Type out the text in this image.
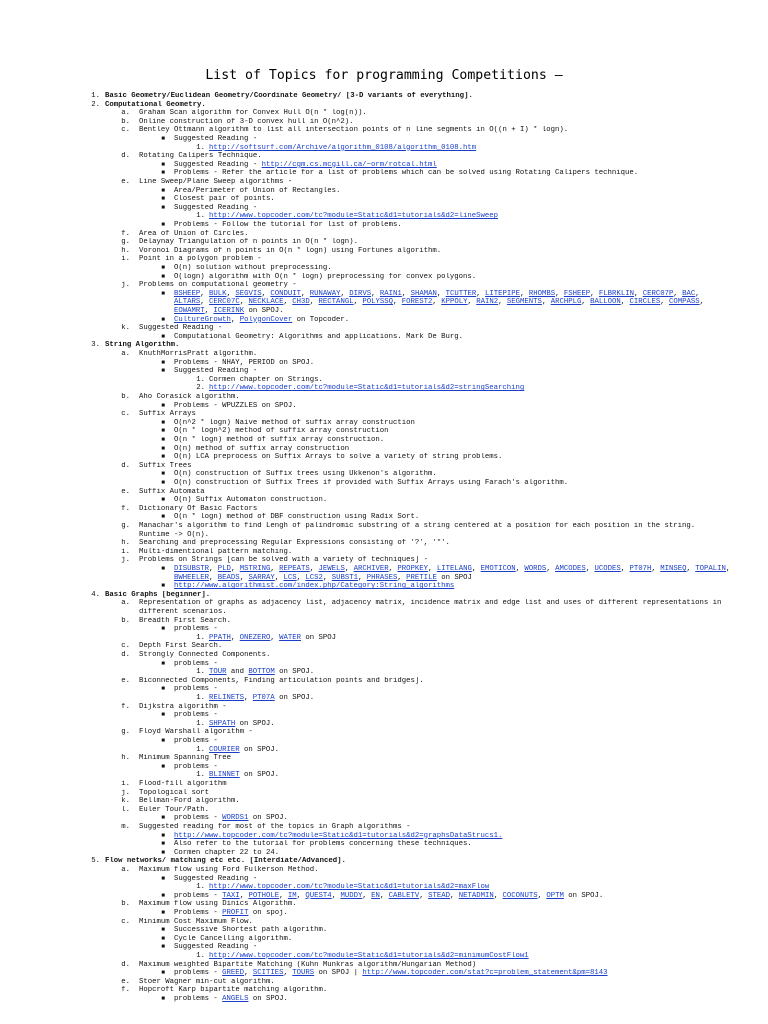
List of Topics for programming Competitions –
1. Basic Geometry/Euclidean Geometry/Coordinate Geometry/ [3-D variants of everything].
2. Computational Geometry.
a. Graham Scan algorithm for Convex Hull O(n * log(n)).
b. Online construction of 3-D convex hull in O(n^2).
c. Bentley Ottmann algorithm to list all intersection points of n line segments in O((n + I) * logn).
■ Suggested Reading -
1. http://softsurf.com/Archive/algorithm_0108/algorithm_0108.htm
d. Rotating Calipers Technique.
■ Suggested Reading - http://cgm.cs.mcgill.ca/~orm/rotcal.html
■ Problems - Refer the article for a list of problems which can be solved using Rotating Calipers technique.
e. Line Sweep/Plane Sweep algorithms -
■ Area/Perimeter of Union of Rectangles.
■ Closest pair of points.
■ Suggested Reading -
1. http://www.topcoder.com/tc?module=Static&d1=tutorials&d2=lineSweep
■ Problems - Follow the tutorial for list of problems.
f. Area of Union of Circles.
g. Delaynay Triangulation of n points in O(n * logn).
h. Voronoi Diagrams of n points in O(n * logn) using Fortunes algorithm.
i. Point in a polygon problem -
■ O(n) solution without preprocessing.
■ O(logn) algorithm with O(n * logn) preprocessing for convex polygons.
j. Problems on computational geometry -
■ BSHEEP, BULK, SEGVIS, CONDUIT, RUNAWAY, DIRVS, RAIN1, SHAMAN, TCUTTER, LITEPIPE, RHOMBS, FSHEEP, FLBRKLIN, CERC07P, BAC,
ALTARS, CERC07C, NECKLACE, CH3D, RECTANGL, POLYSSQ, FOREST2, KPPOLY, RAIN2, SEGMENTS, ARCHPLG, BALLOON, CIRCLES, COMPASS,
EOWAMRT, ICERINK on SPOJ.
■ CultureGrowth, PolygonCover on Topcoder.
k. Suggested Reading -
■ Computational Geometry: Algorithms and applications. Mark De Burg.
3. String Algorithm.
a. KnuthMorrisPratt algorithm.
■ Problems - NHAY, PERIOD on SPOJ.
■ Suggested Reading -
1. Cormen chapter on Strings.
2. http://www.topcoder.com/tc?module=Static&d1=tutorials&d2=stringSearching
b. Aho Corasick algorithm.
■ Problems - WPUZZLES on SPOJ.
c. Suffix Arrays
■ O(n^2 * logn) Naive method of suffix array construction
■ O(n * logn^2) method of suffix array construction
■ O(n * logn) method of suffix array construction.
■ O(n) method of suffix array construction
■ O(n) LCA preprocess on Suffix Arrays to solve a variety of string problems.
d. Suffix Trees
■ O(n) construction of Suffix trees using Ukkenon's algorithm.
■ O(n) construction of Suffix Trees if provided with Suffix Arrays using Farach's algorithm.
e. Suffix Automata
■ O(n) Suffix Automaton construction.
f. Dictionary Of Basic Factors
■ O(n * logn) method of DBF construction using Radix Sort.
g. Manachar's algorithm to find Lengh of palindromic substring of a string centered at a position for each position in the string.
Runtime -> O(n).
h. Searching and preprocessing Regular Expressions consisting of '?', '*'.
i. Multi-dimentional pattern matching.
j. Problems on Strings [can be solved with a variety of techniques] -
■ DISUBSTR, PLD, MSTRING, REPEATS, JEWELS, ARCHIVER, PROPKEY, LITELANG, EMOTICON, WORDS, AMCODES, UCODES, PT07H, MINSEQ, TOPALIN,
BWHEELER, BEADS, SARRAY, LCS, LCS2, SUBST1, PHRASES, PRETILE on SPOJ
■ http://www.algorithmist.com/index.php/Category:String_algorithms
4. Basic Graphs [beginner].
a. Representation of graphs as adjacency list, adjacency matrix, incidence matrix and edge list and uses of different representations in
different scenarios.
b. Breadth First Search.
■ problems -
1. PPATH, ONEZERO, WATER on SPOJ
c. Depth First Search.
d. Strongly Connected Components.
■ problems -
1. TOUR and BOTTOM on SPOJ.
e. Biconnected Components, Finding articulation points and bridges].
■ problems -
1. RELINETS, PT07A on SPOJ.
f. Dijkstra algorithm -
■ problems -
1. SHPATH on SPOJ.
g. Floyd Warshall algorithm -
■ problems -
1. COURIER on SPOJ.
h. Minimum Spanning Tree
■ problems -
1. BLINNET on SPOJ.
i. Flood-fill algorithm
j. Topological sort
k. Bellman-Ford algorithm.
l. Euler Tour/Path.
■ problems - WORDS1 on SPOJ.
m. Suggested reading for most of the topics in Graph algorithms -
■ http://www.topcoder.com/tc?module=Static&d1=tutorials&d2=graphsDataStrucs1.
■ Also refer to the tutorial for problems concerning these techniques.
■ Cormen chapter 22 to 24.
5. Flow networks/ matching etc etc. [Interdiate/Advanced].
a. Maximum flow using Ford Fulkerson Method.
■ Suggested Reading -
1. http://www.topcoder.com/tc?module=Static&d1=tutorials&d2=maxFlow
■ problems - TAXI, POTHOLE, IM, QUEST4, MUDDY, EN, CABLETV, STEAD, NETADMIN, COCONUTS, OPTM on SPOJ.
b. Maximum flow using Dinics Algorithm.
■ Problems - PROFIT on spoj.
c. Minimum Cost Maximum Flow.
■ Successive Shortest path algorithm.
■ Cycle Cancelling algorithm.
■ Suggested Reading -
1. http://www.topcoder.com/tc?module=Static&d1=tutorials&d2=minimumCostFlow1
d. Maximum weighted Bipartite Matching (Kuhn Munkras algorithm/Hungarian Method)
■ problems - GREED, SCITIES, TOURS on SPOJ | http://www.topcoder.com/stat?c=problem_statement&pm=8143
e. Stoer Wagner min-cut algorithm.
f. Hopcroft Karp bipartite matching algorithm.
■ problems - ANGELS on SPOJ.
